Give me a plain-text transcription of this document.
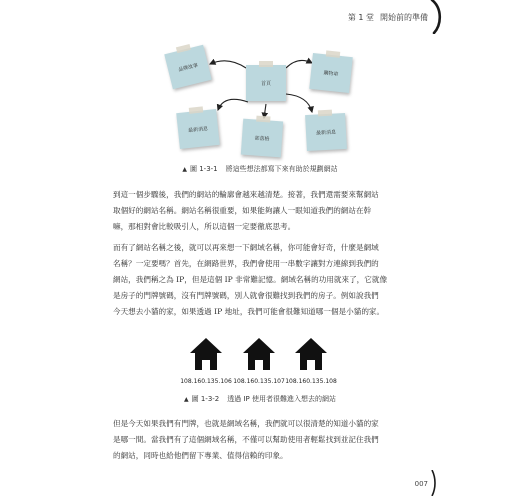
第 1 堂 開始前的準備
品牌故事
首頁
購物車
最新消息
部落格
最新消息
▲ 圖 1-3-1 將這些想法都寫下來有助於規劃網站
到這一個步驟後，我們的網站的輪廓會越來越清楚。接著，我們還需要來幫網站
取個好的網站名稱。網站名稱很重要，如果能夠讓人一眼知道我們的網站在幹
嘛，那相對會比較吸引人，所以這個一定要徹底思考。
而有了網站名稱之後，就可以再來想一下網域名稱，你可能會好奇，什麼是網域
名稱？一定要嗎？首先，在網路世界，我們會使用一串數字讓對方連線到我們的
網站，我們稱之為 IP，但是這個 IP 非常難記憶。網域名稱的功用就來了，它就像
是房子的門牌號碼，沒有門牌號碼，別人就會很難找到我們的房子。例如說我們
今天想去小貓的家，如果透過 IP 地址，我們可能會很難知道哪一個是小貓的家。
108.160.135.106 108.160.135.107 108.160.135.108
▲ 圖 1-3-2 透過 IP 使用者很難進入想去的網站
但是今天如果我們有門牌，也就是網域名稱，我們就可以很清楚的知道小貓的家
是哪一間。當我們有了這個網域名稱，不僅可以幫助使用者輕鬆找到並記住我們
的網站，同時也給他們留下專業、值得信賴的印象。
007
